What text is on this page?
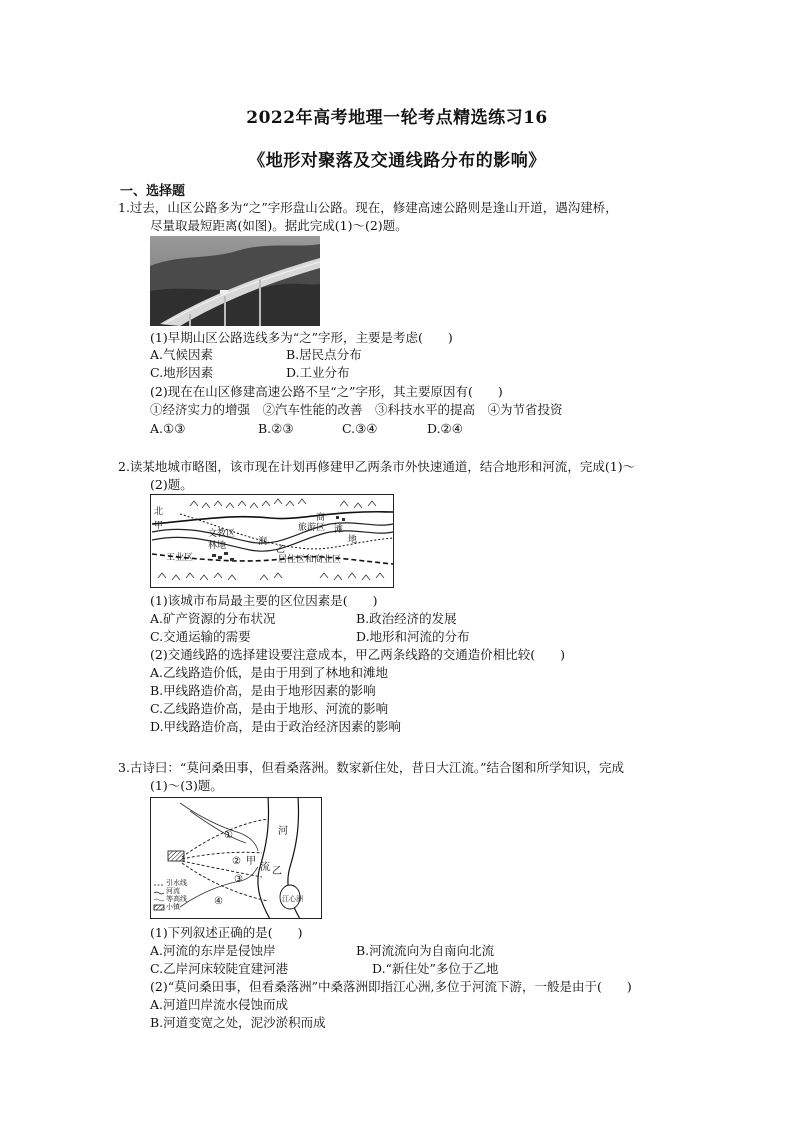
2022年高考地理一轮考点精选练习16
《地形对聚落及交通线路分布的影响》
一、选择题
1.过去，山区公路多为“之”字形盘山公路。现在，修建高速公路则是逢山开道，遇沟建桥，
尽量取最短距离(如图)。据此完成(1)～(2)题。
(1)早期山区公路选线多为“之”字形，主要是考虑(　　)
A.气候因素	B.居民点分布
C.地形因素	D.工业分布
(2)现在在山区修建高速公路不呈“之”字形，其主要原因有(　　)
①经济实力的增强　②汽车性能的改善　③科技水平的提高　④为节省投资
A.①③	B.②③	C.③④	D.②④
2.读某地城市略图，该市现在计划再修建甲乙两条市外快速通道，结合地形和河流，完成(1)～
(2)题。
北
甲
文教区
林地
工业区
乙
居住区和商业区
旅游区 滩
地
涧
商
(1)该城市布局最主要的区位因素是(　　)
A.矿产资源的分布状况	B.政治经济的发展
C.交通运输的需要	D.地形和河流的分布
(2)交通线路的选择建设要注意成本，甲乙两条线路的交通造价相比较(　　)
A.乙线路造价低，是由于用到了林地和滩地
B.甲线路造价高，是由于地形因素的影响
C.乙线路造价高，是由于地形、河流的影响
D.甲线路造价高，是由于政治经济因素的影响
3.古诗曰：“莫问桑田事，但看桑落洲。数家新住处，昔日大江流。”结合图和所学知识，完成
(1)～(3)题。
河
流
甲
乙
江心洲
①
②
③
④
引水线
河流
等高线
小镇
(1)下列叙述正确的是(　　)
A.河流的东岸是侵蚀岸	B.河流流向为自南向北流
C.乙岸河床较陡宜建河港	D.“新住处”多位于乙地
(2)“莫问桑田事，但看桑落洲”中桑落洲即指江心洲,多位于河流下游，一般是由于(　　)
A.河道凹岸流水侵蚀而成
B.河道变宽之处，泥沙淤积而成
